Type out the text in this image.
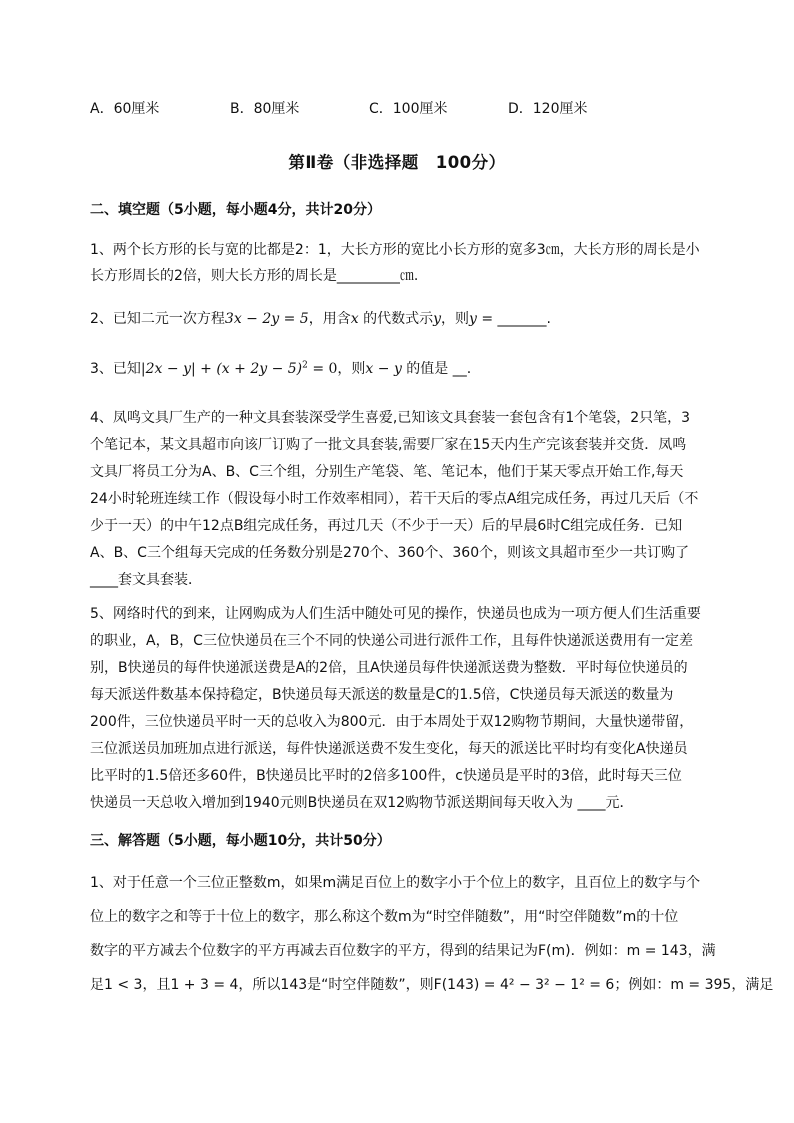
A．60厘米	B．80厘米	C．100厘米	D．120厘米
第Ⅱ卷（非选择题　100分）
二、填空题（5小题，每小题4分，共计20分）
1、两个长方形的长与宽的比都是2：1，大长方形的宽比小长方形的宽多3㎝，大长方形的周长是小
长方形周长的2倍，则大长方形的周长是_________㎝.
2、已知二元一次方程3x − 2y = 5，用含x 的代数式示y，则y = _______.
3、已知$|2x - y| + (x + 2y - 5)^2 = 0$，则x − y 的值是 __.
4、凤鸣文具厂生产的一种文具套装深受学生喜爱,已知该文具套装一套包含有1个笔袋，2只笔，3
个笔记本，某文具超市向该厂订购了一批文具套装,需要厂家在15天内生产完该套装并交货．凤鸣
文具厂将员工分为A、B、C三个组，分别生产笔袋、笔、笔记本，他们于某天零点开始工作,每天
24小时轮班连续工作（假设每小时工作效率相同），若干天后的零点A组完成任务，再过几天后（不
少于一天）的中午12点B组完成任务，再过几天（不少于一天）后的早晨6时C组完成任务．已知
A、B、C三个组每天完成的任务数分别是270个、360个、360个，则该文具超市至少一共订购了
____套文具套装．
5、网络时代的到来，让网购成为人们生活中随处可见的操作，快递员也成为一项方便人们生活重要
的职业，A，B，C三位快递员在三个不同的快递公司进行派件工作，且每件快递派送费用有一定差
别，B快递员的每件快递派送费是A的2倍，且A快递员每件快递派送费为整数．平时每位快递员的
每天派送件数基本保持稳定，B快递员每天派送的数量是C的1.5倍，C快递员每天派送的数量为
200件，三位快递员平时一天的总收入为800元．由于本周处于双12购物节期间，大量快递带留，
三位派送员加班加点进行派送，每件快递派送费不发生变化，每天的派送比平时均有变化A快递员
比平时的1.5倍还多60件，B快递员比平时的2倍多100件，c快递员是平时的3倍，此时每天三位
快递员一天总收入增加到1940元则B快递员在双12购物节派送期间每天收入为 ____元．
三、解答题（5小题，每小题10分，共计50分）
1、对于任意一个三位正整数m，如果m满足百位上的数字小于个位上的数字，且百位上的数字与个
位上的数字之和等于十位上的数字，那么称这个数m为“时空伴随数”，用“时空伴随数”m的十位
数字的平方减去个位数字的平方再减去百位数字的平方，得到的结果记为F(m)．例如：m = 143，满
足1 < 3，且1 + 3 = 4，所以143是“时空伴随数”，则F(143) = 4² − 3² − 1² = 6；例如：m = 395，满足
